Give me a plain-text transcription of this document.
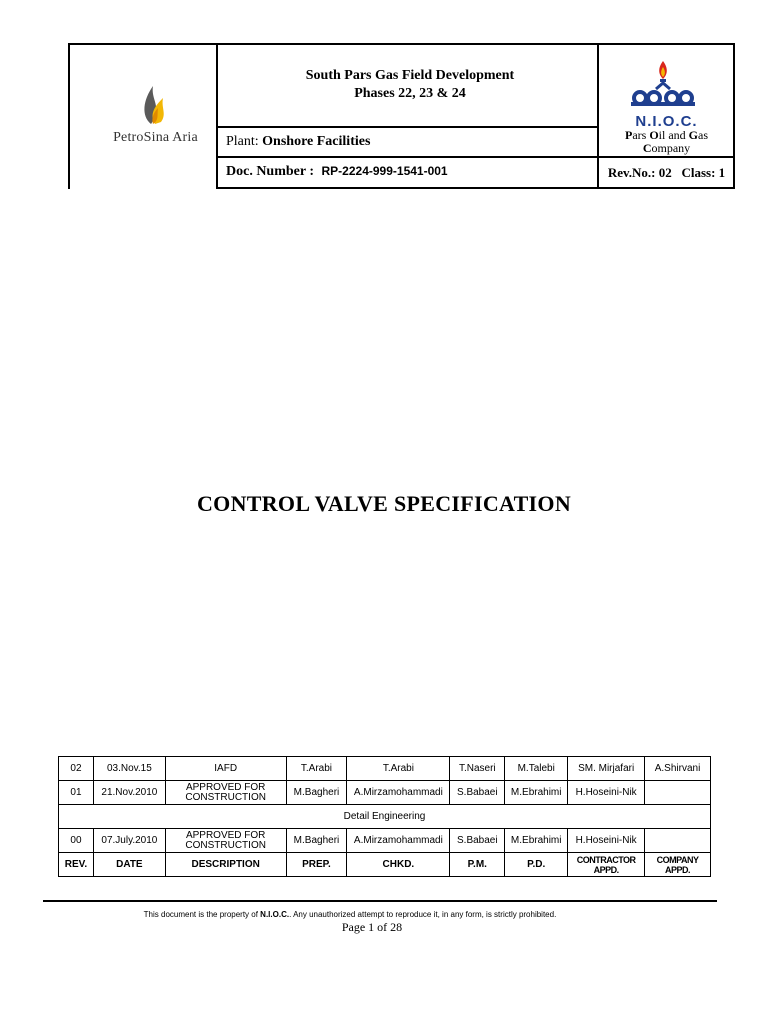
PetroSina Aria
South Pars Gas Field Development
Phases 22, 23 & 24
Plant: Onshore Facilities
Doc. Number : RP-2224-999-1541-001
N.I.O.C.
Pars Oil and Gas
Company
Rev.No.: 02 Class: 1
CONTROL VALVE SPECIFICATION
02	03.Nov.15	IAFD	T.Arabi	T.Arabi	T.Naseri	M.Talebi	SM. Mirjafari	A.Shirvani
01	21.Nov.2010	APPROVED FOR CONSTRUCTION	M.Bagheri	A.Mirzamohammadi	S.Babaei	M.Ebrahimi	H.Hoseini-Nik	
Detail Engineering								
00	07.July.2010	APPROVED FOR CONSTRUCTION	M.Bagheri	A.Mirzamohammadi	S.Babaei	M.Ebrahimi	H.Hoseini-Nik	
REV.	DATE	DESCRIPTION	PREP.	CHKD.	P.M.	P.D.	CONTRACTOR APPD.	COMPANY APPD.
This document is the property of N.I.O.C.. Any unauthorized attempt to reproduce it, in any form, is strictly prohibited.
Page 1 of 28
